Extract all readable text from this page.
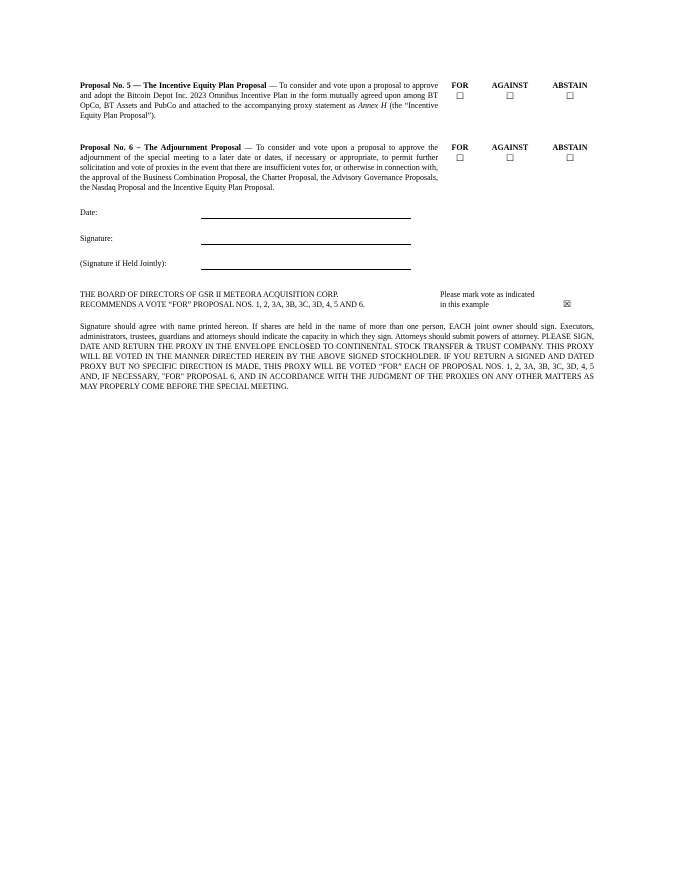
Proposal No. 5 — The Incentive Equity Plan Proposal — To consider and vote upon a proposal to approve and adopt the Bitcoin Depot Inc. 2023 Omnibus Incentive Plan in the form mutually agreed upon among BT OpCo, BT Assets and PubCo and attached to the accompanying proxy statement as Annex H (the “Incentive Equity Plan Proposal”).
FOR
☐
AGAINST
☐
ABSTAIN
☐
Proposal No. 6 – The Adjournment Proposal — To consider and vote upon a proposal to approve the adjournment of the special meeting to a later date or dates, if necessary or appropriate, to permit further solicitation and vote of proxies in the event that there are insufficient votes for, or otherwise in connection with, the approval of the Business Combination Proposal, the Charter Proposal, the Advisory Governance Proposals, the Nasdaq Proposal and the Incentive Equity Plan Proposal.
FOR
☐
AGAINST
☐
ABSTAIN
☐
Date:
Signature:
(Signature if Held Jointly):
THE BOARD OF DIRECTORS OF GSR II METEORA ACQUISITION CORP.
RECOMMENDS A VOTE “FOR” PROPOSAL NOS. 1, 2, 3A, 3B, 3C, 3D, 4, 5 AND 6.
Please mark vote as indicated
in this example	☒
Signature should agree with name printed hereon. If shares are held in the name of more than one person, EACH joint owner should sign. Executors, administrators, trustees, guardians and attorneys should indicate the capacity in which they sign. Attorneys should submit powers of attorney. PLEASE SIGN, DATE AND RETURN THE PROXY IN THE ENVELOPE ENCLOSED TO CONTINENTAL STOCK TRANSFER & TRUST COMPANY. THIS PROXY WILL BE VOTED IN THE MANNER DIRECTED HEREIN BY THE ABOVE SIGNED STOCKHOLDER. IF YOU RETURN A SIGNED AND DATED PROXY BUT NO SPECIFIC DIRECTION IS MADE, THIS PROXY WILL BE VOTED “FOR” EACH OF PROPOSAL NOS. 1, 2, 3A, 3B, 3C, 3D, 4, 5 AND, IF NECESSARY, "FOR" PROPOSAL 6, AND IN ACCORDANCE WITH THE JUDGMENT OF THE PROXIES ON ANY OTHER MATTERS AS MAY PROPERLY COME BEFORE THE SPECIAL MEETING.
